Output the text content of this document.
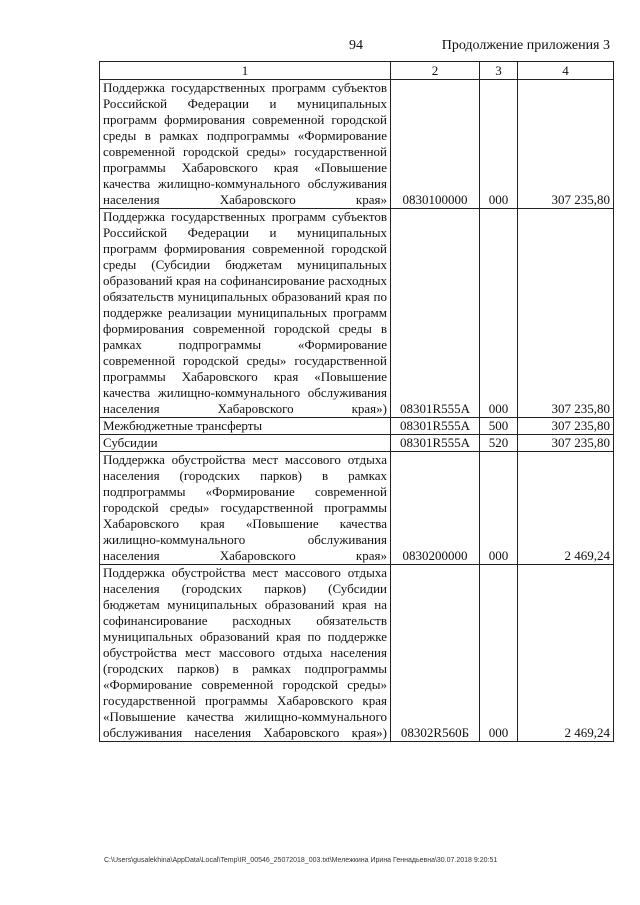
94	Продолжение приложения 3
1	2	3	4
Поддержка государственных программ субъектов Российской Федерации и муниципальных программ формирования современной городской среды в рамках подпрограммы «Формирование современной городской среды» государственной программы Хабаровского края «Повышение качества жилищно-коммунального обслуживания населения Хабаровского края»	0830100000	000	307 235,80
Поддержка государственных программ субъектов Российской Федерации и муниципальных программ формирования современной городской среды (Субсидии бюджетам муниципальных образований края на софинансирование расходных обязательств муниципальных образований края по поддержке реализации муниципальных программ формирования современной городской среды в рамках подпрограммы «Формирование современной городской среды» государственной программы Хабаровского края «Повышение качества жилищно-коммунального обслуживания населения Хабаровского края»)	08301R555A	000	307 235,80
Межбюджетные трансферты	08301R555A	500	307 235,80
Субсидии	08301R555A	520	307 235,80
Поддержка обустройства мест массового отдыха населения (городских парков) в рамках подпрограммы «Формирование современной городской среды» государственной программы Хабаровского края «Повышение качества жилищно-коммунального обслуживания населения Хабаровского края»	0830200000	000	2 469,24
Поддержка обустройства мест массового отдыха населения (городских парков) (Субсидии бюджетам муниципальных образований края на софинансирование расходных обязательств муниципальных образований края по поддержке обустройства мест массового отдыха населения (городских парков) в рамках подпрограммы «Формирование современной городской среды» государственной программы Хабаровского края «Повышение качества жилищно-коммунального обслуживания населения Хабаровского края»)	08302R560Б	000	2 469,24
C:\Users\gusalekhina\AppData\Local\Temp\IR_00546_25072018_003.txt\Мележкина Ирина Геннадьевна\30.07.2018 9:20:51
